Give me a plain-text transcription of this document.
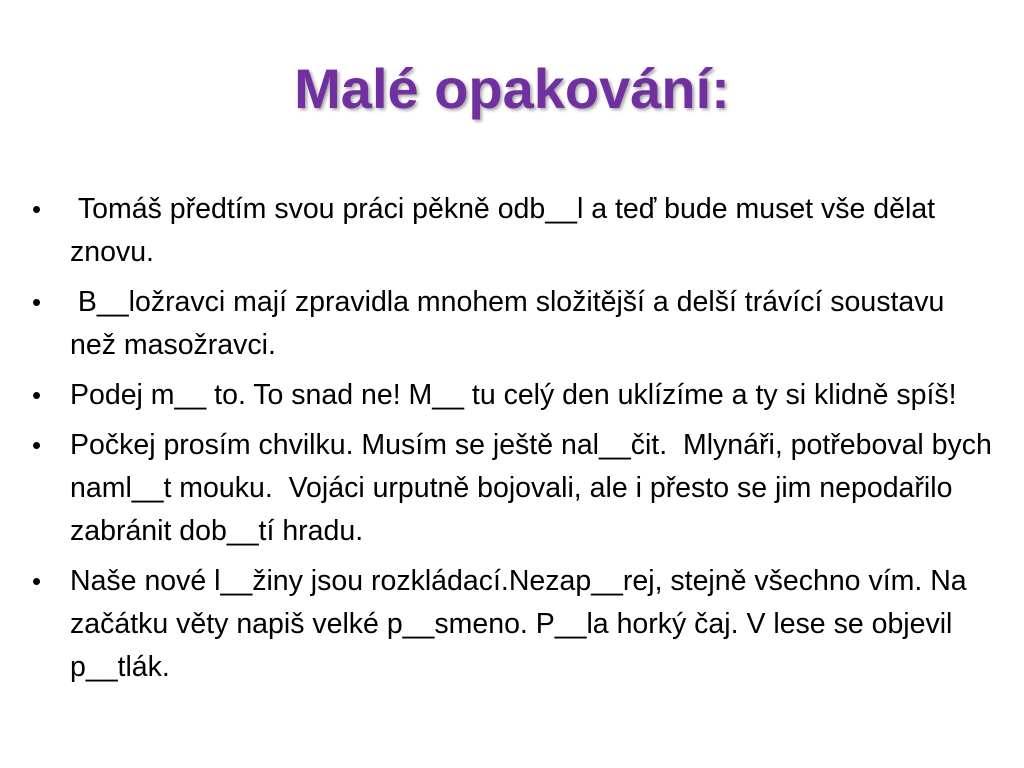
Malé opakování:
• Tomáš předtím svou práci pěkně odb__l a teď bude muset vše dělat znovu.
• B__ložravci mají zpravidla mnohem složitější a delší trávící soustavu než masožravci.
• Podej m__ to. To snad ne! M__ tu celý den uklízíme a ty si klidně spíš!
• Počkej prosím chvilku. Musím se ještě nal__čit.  Mlynáři, potřeboval bych naml__t mouku.  Vojáci urputně bojovali, ale i přesto se jim nepodařilo zabránit dob__tí hradu.
• Naše nové l__žiny jsou rozkládací.Nezap__rej, stejně všechno vím. Na začátku věty napiš velké p__smeno. P__la horký čaj. V lese se objevil p__tlák.
